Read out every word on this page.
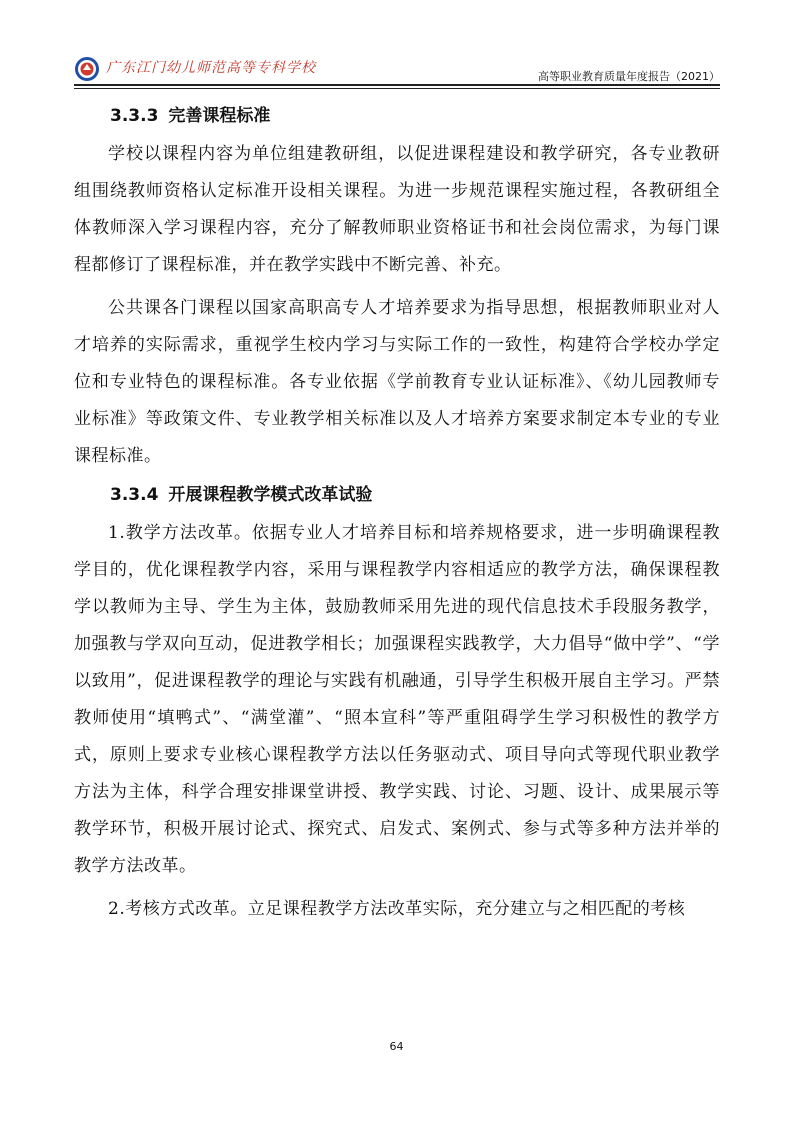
广东江门幼儿师范高等专科学校
高等职业教育质量年度报告（2021）
3.3.3 完善课程标准

学校以课程内容为单位组建教研组，以促进课程建设和教学研究，各专业教研组围绕教师资格认定标准开设相关课程。为进一步规范课程实施过程，各教研组全体教师深入学习课程内容，充分了解教师职业资格证书和社会岗位需求，为每门课程都修订了课程标准，并在教学实践中不断完善、补充。

公共课各门课程以国家高职高专人才培养要求为指导思想，根据教师职业对人才培养的实际需求，重视学生校内学习与实际工作的一致性，构建符合学校办学定位和专业特色的课程标准。各专业依据《学前教育专业认证标准》、《幼儿园教师专业标准》等政策文件、专业教学相关标准以及人才培养方案要求制定本专业的专业课程标准。

3.3.4 开展课程教学模式改革试验

1.教学方法改革。依据专业人才培养目标和培养规格要求，进一步明确课程教学目的，优化课程教学内容，采用与课程教学内容相适应的教学方法，确保课程教学以教师为主导、学生为主体，鼓励教师采用先进的现代信息技术手段服务教学，加强教与学双向互动，促进教学相长；加强课程实践教学，大力倡导“做中学”、“学以致用”，促进课程教学的理论与实践有机融通，引导学生积极开展自主学习。严禁教师使用“填鸭式”、“满堂灌”、“照本宣科”等严重阻碍学生学习积极性的教学方式，原则上要求专业核心课程教学方法以任务驱动式、项目导向式等现代职业教学方法为主体，科学合理安排课堂讲授、教学实践、讨论、习题、设计、成果展示等教学环节，积极开展讨论式、探究式、启发式、案例式、参与式等多种方法并举的教学方法改革。

2.考核方式改革。立足课程教学方法改革实际，充分建立与之相匹配的考核

64
